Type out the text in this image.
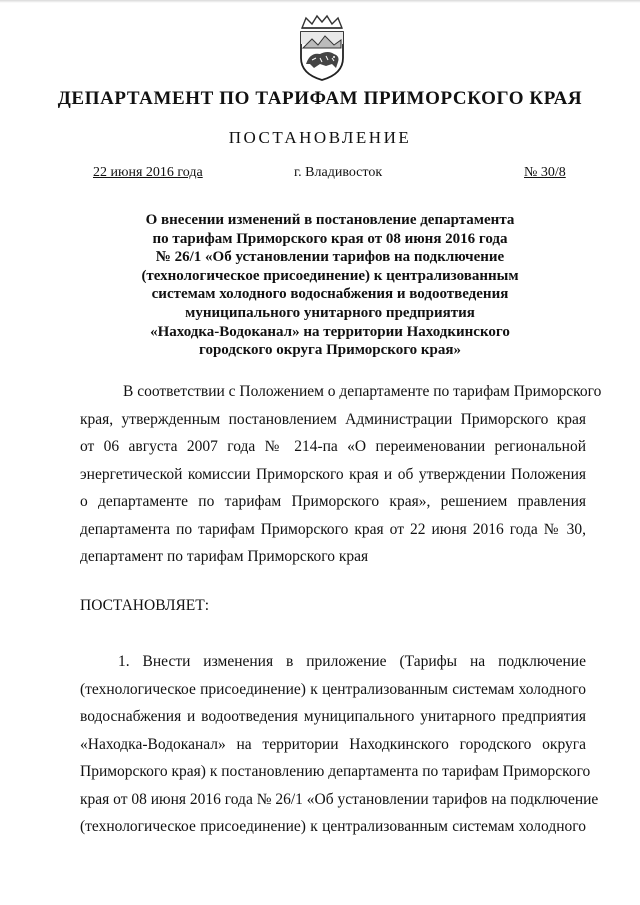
ДЕПАРТАМЕНТ ПО ТАРИФАМ ПРИМОРСКОГО КРАЯ
ПОСТАНОВЛЕНИЕ
22 июня 2016 года	г. Владивосток	№ 30/8
О внесении изменений в постановление департамента
по тарифам Приморского края от 08 июня 2016 года
№ 26/1 «Об установлении тарифов на подключение
(технологическое присоединение) к централизованным
системам холодного водоснабжения и водоотведения
муниципального унитарного предприятия
«Находка-Водоканал» на территории Находкинского
городского округа Приморского края»
В соответствии с Положением о департаменте по тарифам Приморского
края, утвержденным постановлением Администрации Приморского края
от 06 августа 2007 года № 214-па «О переименовании региональной
энергетической комиссии Приморского края и об утверждении Положения
о департаменте по тарифам Приморского края», решением правления
департамента по тарифам Приморского края от 22 июня 2016 года № 30,
департамент по тарифам Приморского края
ПОСТАНОВЛЯЕТ:
1. Внести изменения в приложение (Тарифы на подключение
(технологическое присоединение) к централизованным системам холодного
водоснабжения и водоотведения муниципального унитарного предприятия
«Находка-Водоканал» на территории Находкинского городского округа
Приморского края) к постановлению департамента по тарифам Приморского
края от 08 июня 2016 года № 26/1 «Об установлении тарифов на подключение
(технологическое присоединение) к централизованным системам холодного
